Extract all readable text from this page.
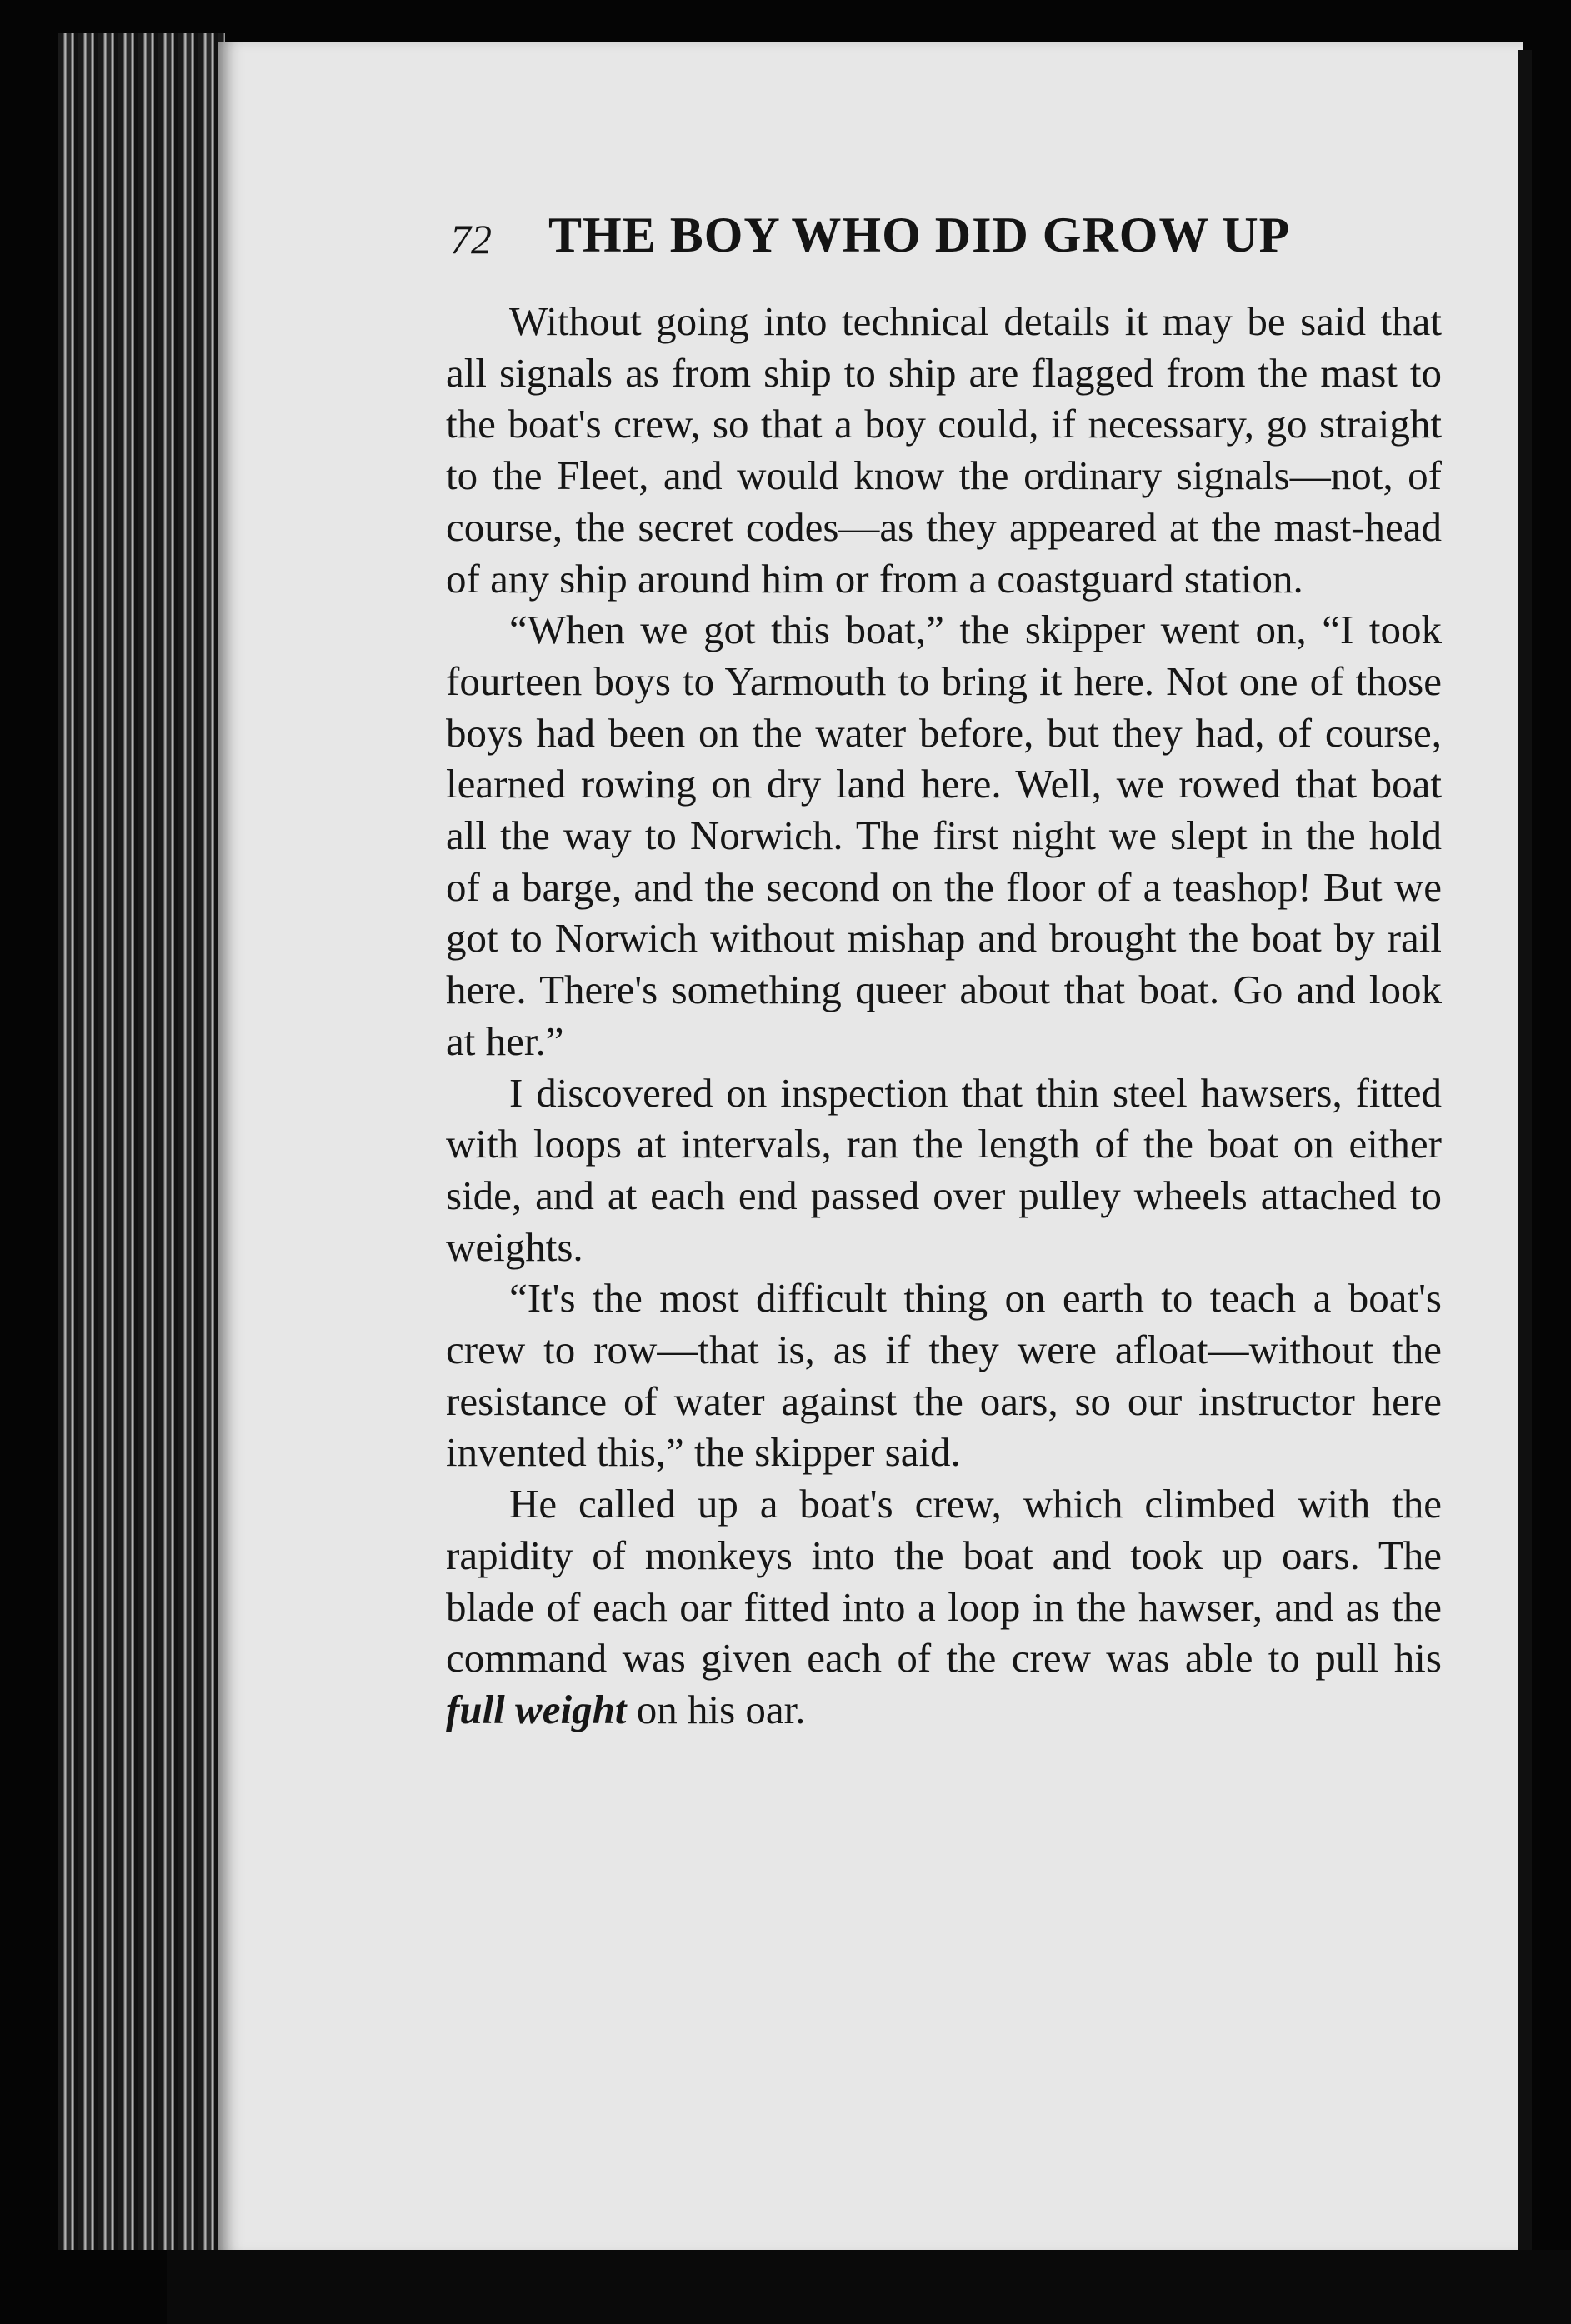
72 THE BOY WHO DID GROW UP

Without going into technical details it may be said that all signals as from ship to ship are flagged from the mast to the boat's crew, so that a boy could, if necessary, go straight to the Fleet, and would know the ordinary signals—not, of course, the secret codes—as they appeared at the mast-head of any ship around him or from a coastguard station.

“When we got this boat,” the skipper went on, “I took fourteen boys to Yarmouth to bring it here. Not one of those boys had been on the water before, but they had, of course, learned rowing on dry land here. Well, we rowed that boat all the way to Norwich. The first night we slept in the hold of a barge, and the second on the floor of a teashop! But we got to Norwich without mishap and brought the boat by rail here. There's something queer about that boat. Go and look at her.”

I discovered on inspection that thin steel hawsers, fitted with loops at intervals, ran the length of the boat on either side, and at each end passed over pulley wheels attached to weights.

“It's the most difficult thing on earth to teach a boat's crew to row—that is, as if they were afloat—without the resistance of water against the oars, so our instructor here invented this,” the skipper said.

He called up a boat's crew, which climbed with the rapidity of monkeys into the boat and took up oars. The blade of each oar fitted into a loop in the hawser, and as the command was given each of the crew was able to pull his full weight on his oar.
